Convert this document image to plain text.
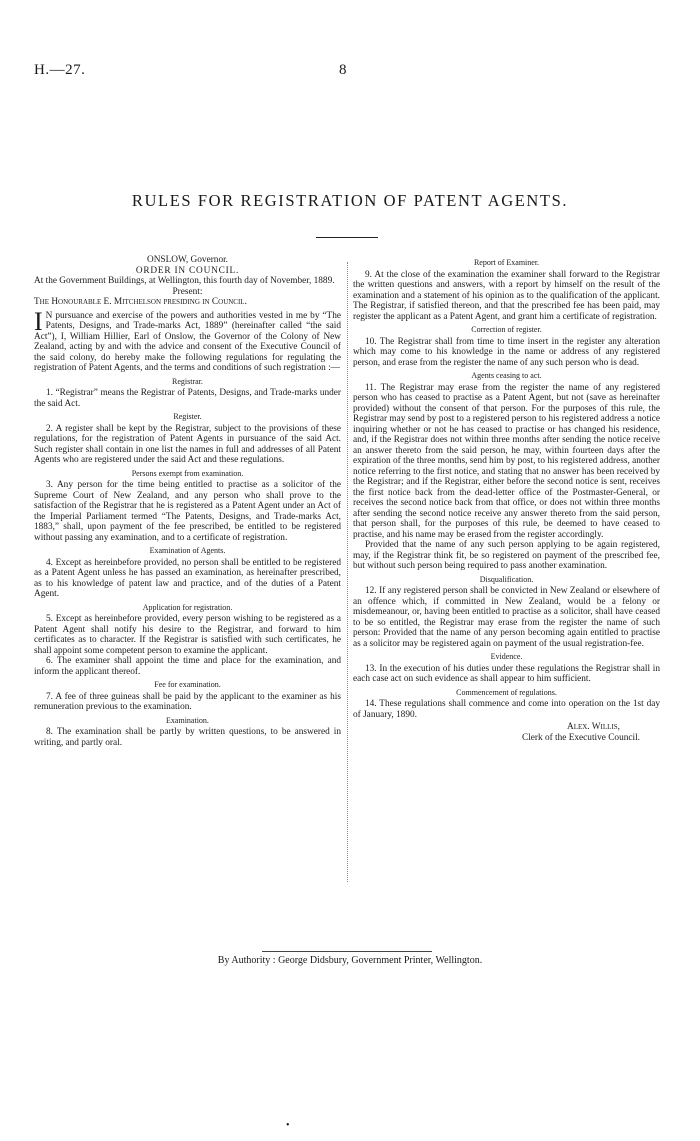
H.—27.	8
RULES FOR REGISTRATION OF PATENT AGENTS.
ONSLOW, Governor.
ORDER IN COUNCIL.

At the Government Buildings, at Wellington, this fourth day of November, 1889.

Present:

The Honourable E. Mitchelson presiding in Council.

I N pursuance and exercise of the powers and authorities vested in me by “The Patents, Designs, and Trade-marks Act, 1889” (hereinafter called “the said Act”), I, William Hillier, Earl of Onslow, the Governor of the Colony of New Zealand, acting by and with the advice and consent of the Executive Council of the said colony, do hereby make the following regulations for regulating the registration of Patent Agents, and the terms and conditions of such registration :—
Registrar.

1. “Registrar” means the Registrar of Patents, Designs, and Trade-marks under the said Act.

Register.

2. A register shall be kept by the Registrar, subject to the provisions of these regulations, for the registration of Patent Agents in pursuance of the said Act. Such register shall contain in one list the names in full and addresses of all Patent Agents who are registered under the said Act and these regulations.

Persons exempt from examination.

3. Any person for the time being entitled to practise as a solicitor of the Supreme Court of New Zealand, and any person who shall prove to the satisfaction of the Registrar that he is registered as a Patent Agent under an Act of the Imperial Parliament termed “The Patents, Designs, and Trade-marks Act, 1883,” shall, upon payment of the fee prescribed, be entitled to be registered without passing any examination, and to a certificate of registration.

Examination of Agents.

4. Except as hereinbefore provided, no person shall be entitled to be registered as a Patent Agent unless he has passed an examination, as hereinafter prescribed, as to his knowledge of patent law and practice, and of the duties of a Patent Agent.

Application for registration.

5. Except as hereinbefore provided, every person wishing to be registered as a Patent Agent shall notify his desire to the Registrar, and forward to him certificates as to character. If the Registrar is satisfied with such certificates, he shall appoint some competent person to examine the applicant.

6. The examiner shall appoint the time and place for the examination, and inform the applicant thereof.

Fee for examination.

7. A fee of three guineas shall be paid by the applicant to the examiner as his remuneration previous to the examination.

Examination.

8. The examination shall be partly by written questions, to be answered in writing, and partly oral.

Report of Examiner.

9. At the close of the examination the examiner shall forward to the Registrar the written questions and answers, with a report by himself on the result of the examination and a statement of his opinion as to the qualification of the applicant. The Registrar, if satisfied thereon, and that the prescribed fee has been paid, may register the applicant as a Patent Agent, and grant him a certificate of registration.

Correction of register.

10. The Registrar shall from time to time insert in the register any alteration which may come to his knowledge in the name or address of any registered person, and erase from the register the name of any such person who is dead.

Agents ceasing to act.

11. The Registrar may erase from the register the name of any registered person who has ceased to practise as a Patent Agent, but not (save as hereinafter provided) without the consent of that person. For the purposes of this rule, the Registrar may send by post to a registered person to his registered address a notice inquiring whether or not he has ceased to practise or has changed his residence, and, if the Registrar does not within three months after sending the notice receive an answer thereto from the said person, he may, within fourteen days after the expiration of the three months, send him by post, to his registered address, another notice referring to the first notice, and stating that no answer has been received by the Registrar; and if the Registrar, either before the second notice is sent, receives the first notice back from the dead-letter office of the Postmaster-General, or receives the second notice back from that office, or does not within three months after sending the second notice receive any answer thereto from the said person, that person shall, for the purposes of this rule, be deemed to have ceased to practise, and his name may be erased from the register accordingly.

Provided that the name of any such person applying to be again registered, may, if the Registrar think fit, be so registered on payment of the prescribed fee, but without such person being required to pass another examination.

Disqualification.

12. If any registered person shall be convicted in New Zealand or elsewhere of an offence which, if committed in New Zealand, would be a felony or misdemeanour, or, having been entitled to practise as a solicitor, shall have ceased to be so entitled, the Registrar may erase from the register the name of such person: Provided that the name of any person becoming again entitled to practise as a solicitor may be registered again on payment of the usual registration-fee.

Evidence.

13. In the execution of his duties under these regulations the Registrar shall in each case act on such evidence as shall appear to him sufficient.

Commencement of regulations.

14. These regulations shall commence and come into operation on the 1st day of January, 1890.

Alex. Willis,
Clerk of the Executive Council.
By Authority : George Didsbury, Government Printer, Wellington.
•
